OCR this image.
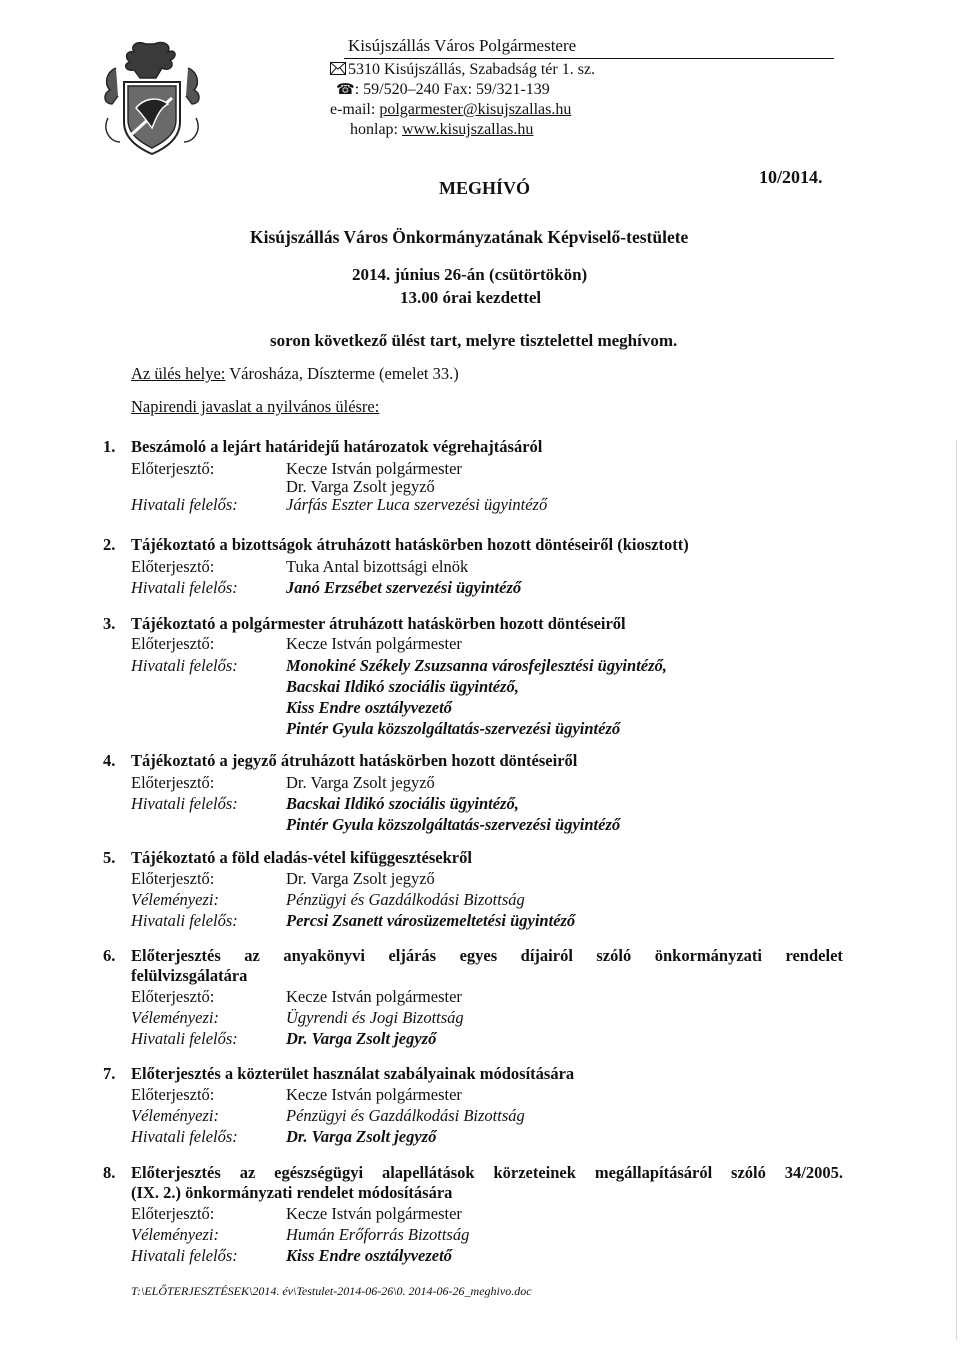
Kisújszállás Város Polgármestere
5310 Kisújszállás, Szabadság tér 1. sz.
☎: 59/520–240 Fax: 59/321-139
e-mail: polgarmester@kisujszallas.hu
honlap: www.kisujszallas.hu
MEGHÍVÓ
10/2014.
Kisújszállás Város Önkormányzatának Képviselő-testülete
2014. június 26-án (csütörtökön)
13.00 órai kezdettel
soron következő ülést tart, melyre tisztelettel meghívom.
Az ülés helye: Városháza, Díszterme (emelet 33.)
Napirendi javaslat a nyilvános ülésre:
1. Beszámoló a lejárt határidejű határozatok végrehajtásáról
Előterjesztő:	Kecze István polgármester
Dr. Varga Zsolt jegyző
Hivatali felelős:	Járfás Eszter Luca szervezési ügyintéző
2. Tájékoztató a bizottságok átruházott hatáskörben hozott döntéseiről (kiosztott)
Előterjesztő:	Tuka Antal bizottsági elnök
Hivatali felelős:	Janó Erzsébet szervezési ügyintéző
3. Tájékoztató a polgármester átruházott hatáskörben hozott döntéseiről
Előterjesztő:	Kecze István polgármester
Hivatali felelős:	Monokiné Székely Zsuzsanna városfejlesztési ügyintéző,
Bacskai Ildikó szociális ügyintéző,
Kiss Endre osztályvezető
Pintér Gyula közszolgáltatás-szervezési ügyintéző
4. Tájékoztató a jegyző átruházott hatáskörben hozott döntéseiről
Előterjesztő:	Dr. Varga Zsolt jegyző
Hivatali felelős:	Bacskai Ildikó szociális ügyintéző,
Pintér Gyula közszolgáltatás-szervezési ügyintéző
5. Tájékoztató a föld eladás-vétel kifüggesztésekről
Előterjesztő:	Dr. Varga Zsolt jegyző
Véleményezi:	Pénzügyi és Gazdálkodási Bizottság
Hivatali felelős:	Percsi Zsanett városüzemeltetési ügyintéző
6. Előterjesztés az anyakönyvi eljárás egyes díjairól szóló önkormányzati rendelet
felülvizsgálatára
Előterjesztő:	Kecze István polgármester
Véleményezi:	Ügyrendi és Jogi Bizottság
Hivatali felelős:	Dr. Varga Zsolt jegyző
7. Előterjesztés a közterület használat szabályainak módosítására
Előterjesztő:	Kecze István polgármester
Véleményezi:	Pénzügyi és Gazdálkodási Bizottság
Hivatali felelős:	Dr. Varga Zsolt jegyző
8. Előterjesztés az egészségügyi alapellátások körzeteinek megállapításáról szóló 34/2005.
(IX. 2.) önkormányzati rendelet módosítására
Előterjesztő:	Kecze István polgármester
Véleményezi:	Humán Erőforrás Bizottság
Hivatali felelős:	Kiss Endre osztályvezető
T:\ELŐTERJESZTÉSEK\2014. év\Testulet-2014-06-26\0. 2014-06-26_meghivo.doc
